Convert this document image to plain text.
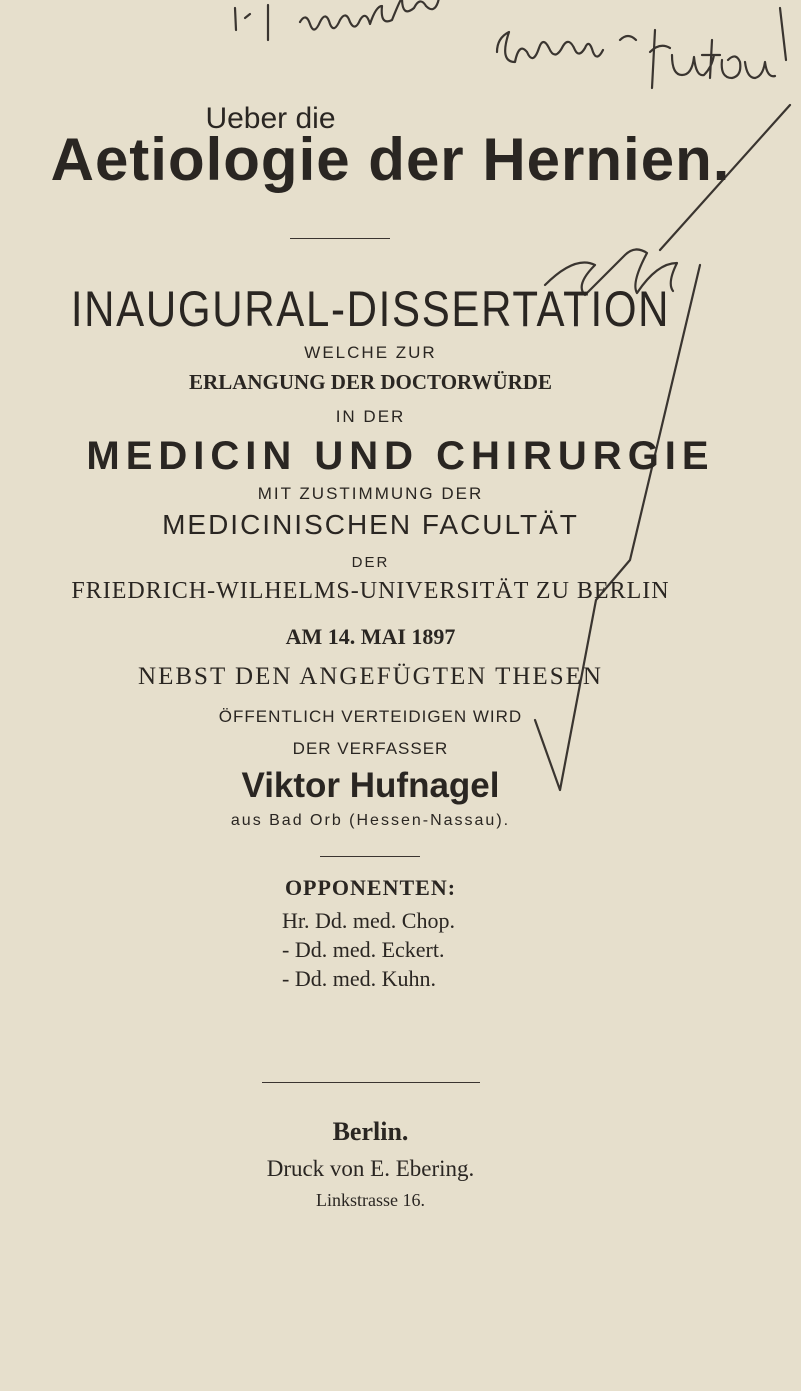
Ueber die
Aetiologie der Hernien.
INAUGURAL-DISSERTATION
WELCHE ZUR
ERLANGUNG DER DOCTORWÜRDE
IN DER
MEDICIN UND CHIRURGIE
MIT ZUSTIMMUNG DER
MEDICINISCHEN FACULTÄT
DER
FRIEDRICH-WILHELMS-UNIVERSITÄT ZU BERLIN
AM 14. MAI 1897
NEBST DEN ANGEFÜGTEN THESEN
ÖFFENTLICH VERTEIDIGEN WIRD
DER VERFASSER
Viktor Hufnagel
aus Bad Orb (Hessen-Nassau).
OPPONENTEN:
Hr. Dd. med. Chop.
- Dd. med. Eckert.
- Dd. med. Kuhn.
Berlin.
Druck von E. Ebering.
Linkstrasse 16.
